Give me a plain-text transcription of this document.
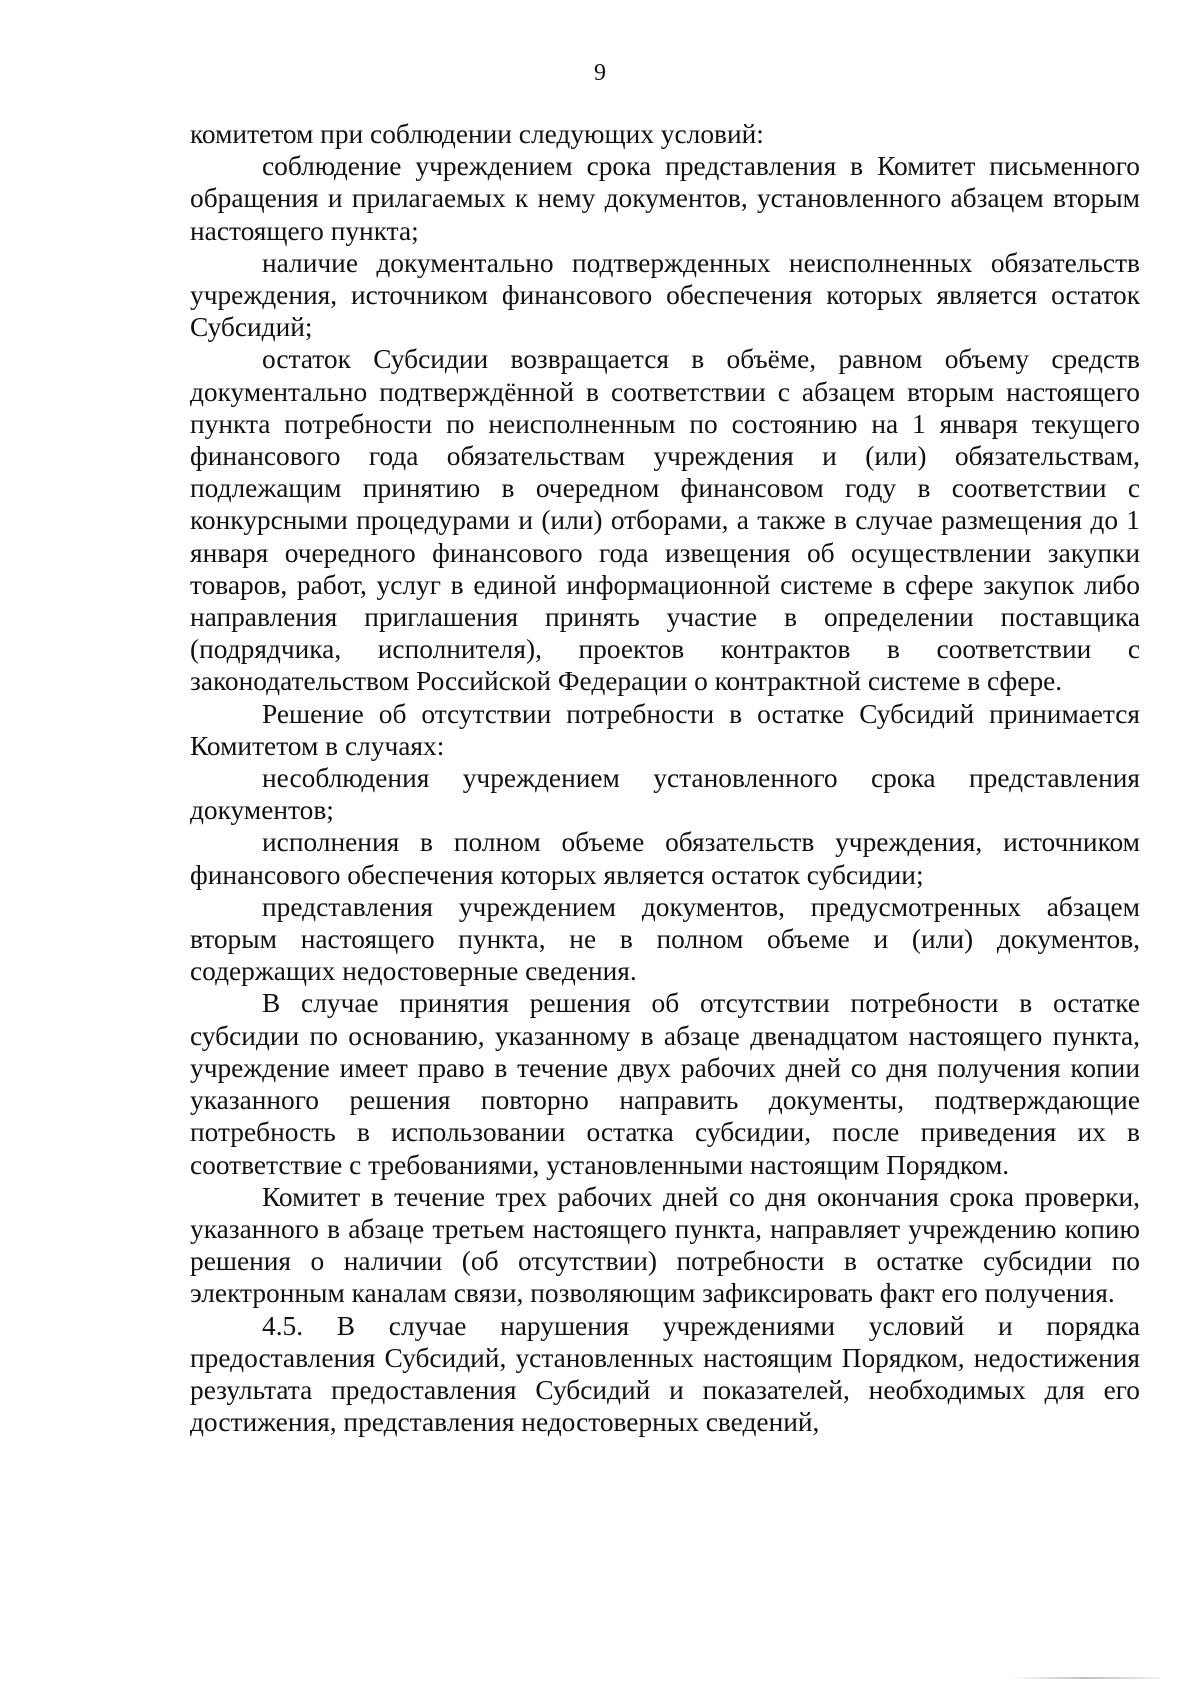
9

комитетом при соблюдении следующих условий:

соблюдение учреждением срока представления в Комитет письменного обращения и прилагаемых к нему документов, установленного абзацем вторым настоящего пункта;

наличие документально подтвержденных неисполненных обязательств учреждения, источником финансового обеспечения которых является остаток Субсидий;

остаток Субсидии возвращается в объёме, равном объему средств документально подтверждённой в соответствии с абзацем вторым настоящего пункта потребности по неисполненным по состоянию на 1 января текущего финансового года обязательствам учреждения и (или) обязательствам, подлежащим принятию в очередном финансовом году в соответствии с конкурсными процедурами и (или) отборами, а также в случае размещения до 1 января очередного финансового года извещения об осуществлении закупки товаров, работ, услуг в единой информационной системе в сфере закупок либо направления приглашения принять участие в определении поставщика (подрядчика, исполнителя), проектов контрактов в соответствии с законодательством Российской Федерации о контрактной системе в сфере.

Решение об отсутствии потребности в остатке Субсидий принимается Комитетом в случаях:

несоблюдения учреждением установленного срока представления документов;

исполнения в полном объеме обязательств учреждения, источником финансового обеспечения которых является остаток субсидии;

представления учреждением документов, предусмотренных абзацем вторым настоящего пункта, не в полном объеме и (или) документов, содержащих недостоверные сведения.

В случае принятия решения об отсутствии потребности в остатке субсидии по основанию, указанному в абзаце двенадцатом настоящего пункта, учреждение имеет право в течение двух рабочих дней со дня получения копии указанного решения повторно направить документы, подтверждающие потребность в использовании остатка субсидии, после приведения их в соответствие с требованиями, установленными настоящим Порядком.

Комитет в течение трех рабочих дней со дня окончания срока проверки, указанного в абзаце третьем настоящего пункта, направляет учреждению копию решения о наличии (об отсутствии) потребности в остатке субсидии по электронным каналам связи, позволяющим зафиксировать факт его получения.

4.5. В случае нарушения учреждениями условий и порядка предоставления Субсидий, установленных настоящим Порядком, недостижения результата предоставления Субсидий и показателей, необходимых для его достижения, представления недостоверных сведений,
